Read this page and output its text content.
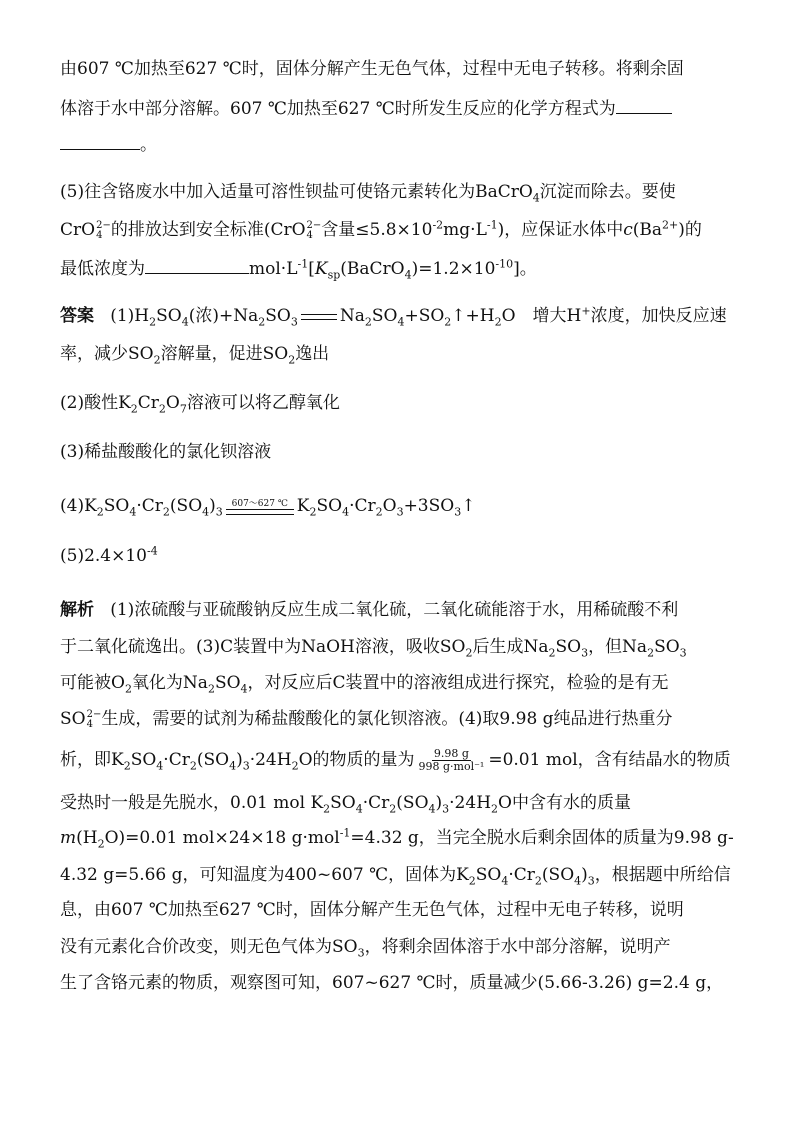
由607 ℃加热至627 ℃时，固体分解产生无色气体，过程中无电子转移。将剩余固
体溶于水中部分溶解。607 ℃加热至627 ℃时所发生反应的化学方程式为
。
(5)往含铬废水中加入适量可溶性钡盐可使铬元素转化为BaCrO$_4$沉淀而除去。要使
CrO 2−
4 的排放达到安全标准(CrO 2−
4 含量$\le 5.8\times 10^{-2}mg\cdot L^{-1}$)，应保证水体中$c(Ba^{2+})$的
最低浓度为	$mol\cdot L^{-1}[K_{sp}(BaCrO_4)=1.2\times 10^{-10}]$。
答案 $(1)H_2SO_4$(浓)$+Na_2SO_3$ $Na_2SO_4+SO_2↑+H_2O$　增大H+浓度，加快反应速
率，减少$SO_2$溶解量，促进$SO_2$逸出
(2)酸性$K_2Cr_2O_7$溶液可以将乙醇氧化
(3)稀盐酸酸化的氯化钡溶液
$(4)K_2SO_4\cdot Cr_2(SO_4)_3$
607～627 ℃ $K_2SO_4\cdot Cr_2O_3+3SO_3↑$
$(5)2.4\times 10^{-4}$
解析 (1)浓硫酸与亚硫酸钠反应生成二氧化硫，二氧化硫能溶于水，用稀硫酸不利
于二氧化硫逸出。(3)C装置中为NaOH溶液，吸收$SO_2$后生成$Na_2SO_3$，但$Na_2SO_3$
可能被$O_2$氧化为$Na_2SO_4$，对反应后C装置中的溶液组成进行探究，检验的是有无
SO 2−
4 生成，需要的试剂为稀盐酸酸化的氯化钡溶液。(4)取9.98 g纯品进行热重分
析，即$K_2SO_4\cdot Cr_2(SO_4)_3\cdot 24H_2O$的物质的量为 $\frac{9.98 g}{\text{998 g·mol⁻¹}} =0.01$ mol，含有结晶水的物质
受热时一般是先脱水，0.01 mol $K_2SO_4\cdot Cr_2(SO_4)_3\cdot 24H_2O$中含有水的质量
$m(H_2O)=0.01$ mol×24×18 g·mol$^{-1}$=4.32 g，当完全脱水后剩余固体的质量为9.98 g-
4.32 g=5.66 g，可知温度为400~607 ℃，固体为$K_2SO_4\cdot Cr_2(SO_4)_3$，根据题中所给信
息，由607 ℃加热至627 ℃时，固体分解产生无色气体，过程中无电子转移，说明
没有元素化合价改变，则无色气体为$SO_3$，将剩余固体溶于水中部分溶解，说明产
生了含铬元素的物质，观察图可知，607~627 ℃时，质量减少(5.66-3.26) g=2.4 g，
